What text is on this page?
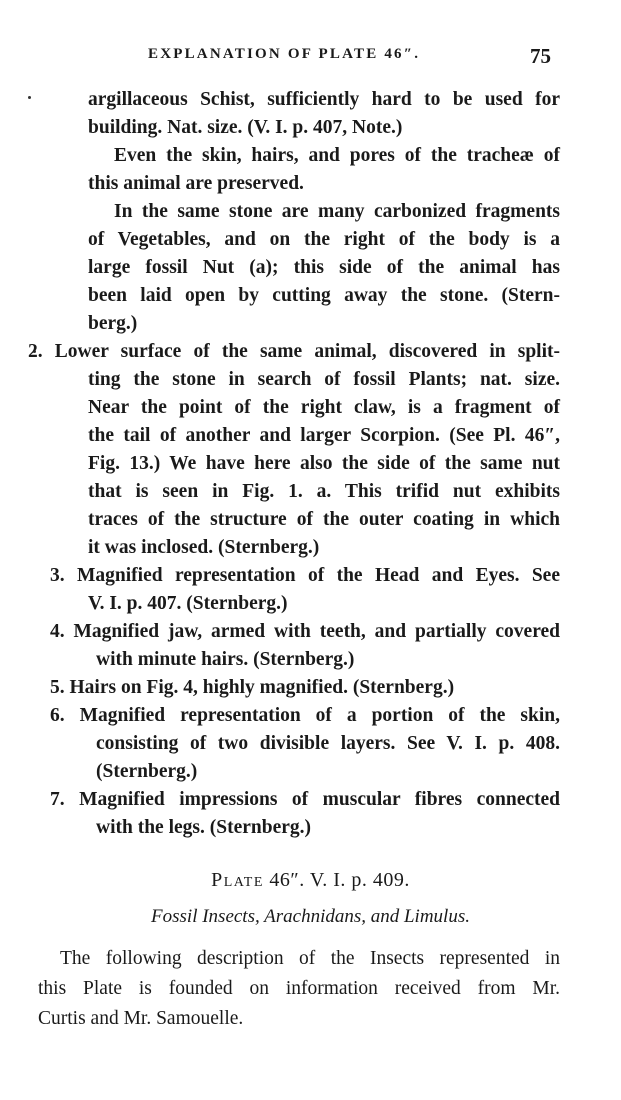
EXPLANATION OF PLATE 46″.	75
argillaceous Schist, sufficiently hard to be used for
building. Nat. size. (V. I. p. 407, Note.)
Even the skin, hairs, and pores of the tracheæ of
this animal are preserved.
In the same stone are many carbonized fragments
of Vegetables, and on the right of the body is a
large fossil Nut (a); this side of the animal has
been laid open by cutting away the stone. (Stern-
berg.)
2. Lower surface of the same animal, discovered in split-
ting the stone in search of fossil Plants; nat. size.
Near the point of the right claw, is a fragment of
the tail of another and larger Scorpion. (See Pl. 46″,
Fig. 13.) We have here also the side of the same nut
that is seen in Fig. 1. a. This trifid nut exhibits
traces of the structure of the outer coating in which
it was inclosed. (Sternberg.)
3. Magnified representation of the Head and Eyes. See
V. I. p. 407. (Sternberg.)
4. Magnified jaw, armed with teeth, and partially covered
with minute hairs. (Sternberg.)
5. Hairs on Fig. 4, highly magnified. (Sternberg.)
6. Magnified representation of a portion of the skin,
consisting of two divisible layers. See V. I. p. 408.
(Sternberg.)
7. Magnified impressions of muscular fibres connected
with the legs. (Sternberg.)
Plate 46″. V. I. p. 409.
Fossil Insects, Arachnidans, and Limulus.
The following description of the Insects represented in
this Plate is founded on information received from Mr.
Curtis and Mr. Samouelle.
